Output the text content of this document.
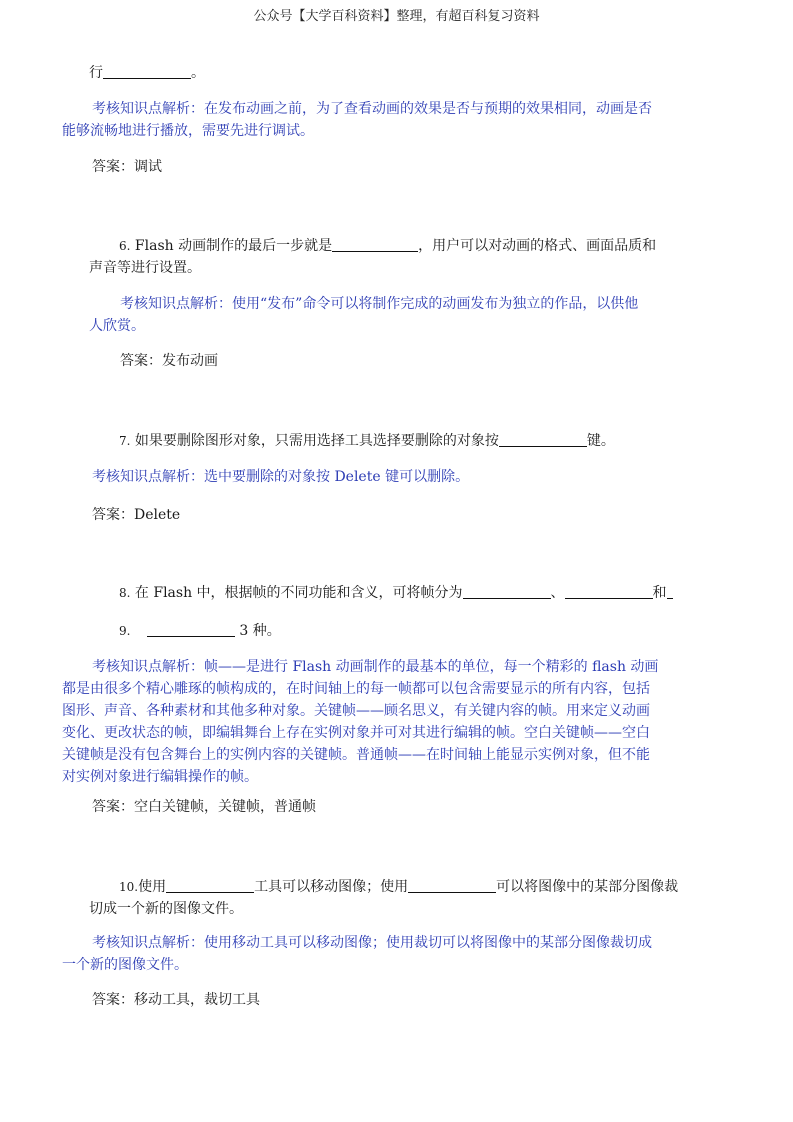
公众号【大学百科资料】整理，有超百科复习资料
行	。
考核知识点解析：在发布动画之前，为了查看动画的效果是否与预期的效果相同，动画是否
能够流畅地进行播放，需要先进行调试。
答案：调试
6. Flash 动画制作的最后一步就是	，用户可以对动画的格式、画面品质和
声音等进行设置。
考核知识点解析：使用“发布”命令可以将制作完成的动画发布为独立的作品，以供他
人欣赏。
答案：发布动画
7. 如果要删除图形对象，只需用选择工具选择要删除的对象按	键。
考核知识点解析：选中要删除的对象按 Delete 键可以删除。
答案：Delete
8. 在 Flash 中，根据帧的不同功能和含义，可将帧分为	、	和
9.	3 种。
考核知识点解析：帧——是进行 Flash 动画制作的最基本的单位，每一个精彩的 flash 动画
都是由很多个精心雕琢的帧构成的，在时间轴上的每一帧都可以包含需要显示的所有内容，包括
图形、声音、各种素材和其他多种对象。关键帧——顾名思义，有关键内容的帧。用来定义动画
变化、更改状态的帧，即编辑舞台上存在实例对象并可对其进行编辑的帧。空白关键帧——空白
关键帧是没有包含舞台上的实例内容的关键帧。普通帧——在时间轴上能显示实例对象，但不能
对实例对象进行编辑操作的帧。
答案：空白关键帧，关键帧，普通帧
10.使用	工具可以移动图像；使用	可以将图像中的某部分图像裁
切成一个新的图像文件。
考核知识点解析：使用移动工具可以移动图像；使用裁切可以将图像中的某部分图像裁切成
一个新的图像文件。
答案：移动工具，裁切工具
